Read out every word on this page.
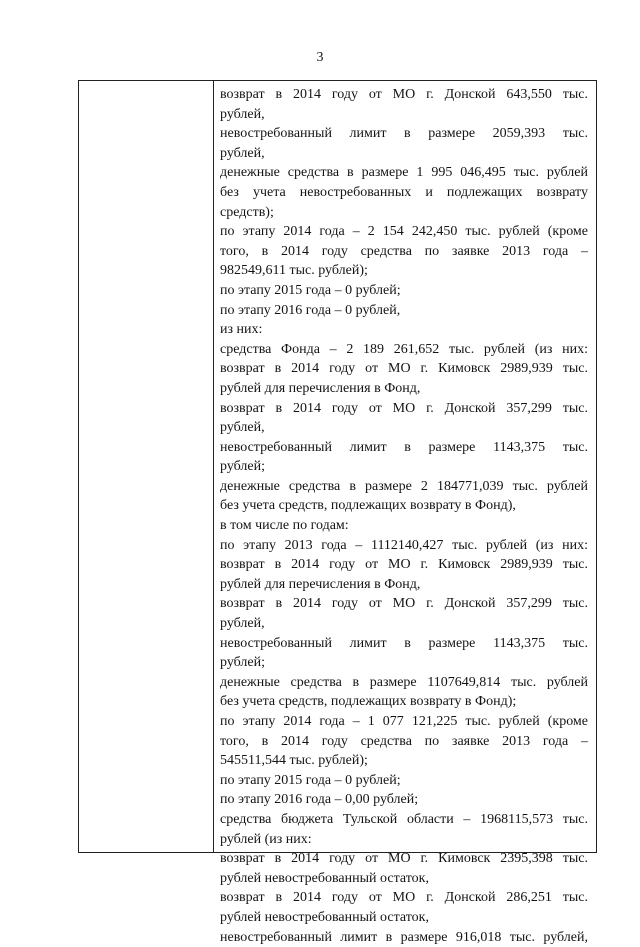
3
возврат в 2014 году от МО г. Донской 643,550 тыс.
рублей,
невостребованный лимит в размере 2059,393 тыс.
рублей,
денежные средства в размере 1 995 046,495 тыс. рублей
без учета невостребованных и подлежащих возврату
средств);
по этапу 2014 года – 2 154 242,450 тыс. рублей (кроме
того, в 2014 году средства по заявке 2013 года –
982549,611 тыс. рублей);
по этапу 2015 года – 0 рублей;
по этапу 2016 года – 0 рублей,
из них:
средства Фонда – 2 189 261,652 тыс. рублей (из них:
возврат в 2014 году от МО г. Кимовск 2989,939 тыс.
рублей для перечисления в Фонд,
возврат в 2014 году от МО г. Донской 357,299 тыс.
рублей,
невостребованный лимит в размере 1143,375 тыс.
рублей;
денежные средства в размере 2 184771,039 тыс. рублей
без учета средств, подлежащих возврату в Фонд),
в том числе по годам:
по этапу 2013 года – 1112140,427 тыс. рублей (из них:
возврат в 2014 году от МО г. Кимовск 2989,939 тыс.
рублей для перечисления в Фонд,
возврат в 2014 году от МО г. Донской 357,299 тыс.
рублей,
невостребованный лимит в размере 1143,375 тыс.
рублей;
денежные средства в размере 1107649,814 тыс. рублей
без учета средств, подлежащих возврату в Фонд);
по этапу 2014 года – 1 077 121,225 тыс. рублей (кроме
того, в 2014 году средства по заявке 2013 года –
545511,544 тыс. рублей);
по этапу 2015 года – 0 рублей;
по этапу 2016 года – 0,00 рублей;
средства бюджета Тульской области – 1968115,573 тыс.
рублей (из них:
возврат в 2014 году от МО г. Кимовск 2395,398 тыс.
рублей невостребованный остаток,
возврат в 2014 году от МО г. Донской 286,251 тыс.
рублей невостребованный остаток,
невостребованный лимит в размере 916,018 тыс. рублей,
